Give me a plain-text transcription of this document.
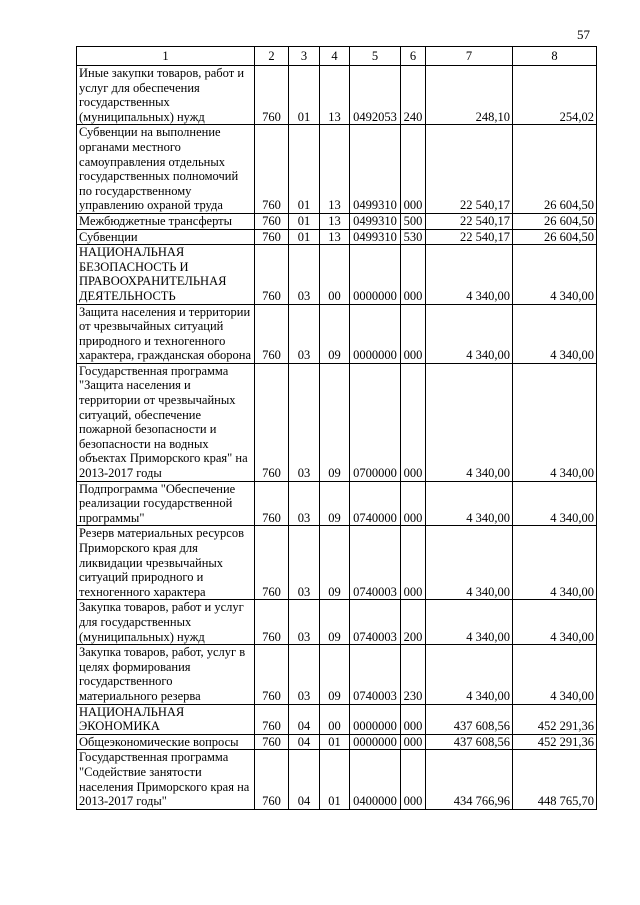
57
1	2	3	4	5	6	7	8
Иные закупки товаров, работ и услуг для обеспечения государственных (муниципальных) нужд	760	01	13	0492053	240	248,10	254,02
Субвенции на выполнение органами местного самоуправления отдельных государственных полномочий по государственному управлению охраной труда	760	01	13	0499310	000	22 540,17	26 604,50
Межбюджетные трансферты	760	01	13	0499310	500	22 540,17	26 604,50
Субвенции	760	01	13	0499310	530	22 540,17	26 604,50
НАЦИОНАЛЬНАЯ БЕЗОПАСНОСТЬ И ПРАВООХРАНИТЕЛЬНАЯ ДЕЯТЕЛЬНОСТЬ	760	03	00	0000000	000	4 340,00	4 340,00
Защита населения и территории от чрезвычайных ситуаций природного и техногенного характера, гражданская оборона	760	03	09	0000000	000	4 340,00	4 340,00
Государственная программа "Защита населения и территории от чрезвычайных ситуаций, обеспечение пожарной безопасности и безопасности на водных объектах Приморского края" на 2013-2017 годы	760	03	09	0700000	000	4 340,00	4 340,00
Подпрограмма "Обеспечение реализации государственной программы"	760	03	09	0740000	000	4 340,00	4 340,00
Резерв материальных ресурсов Приморского края для ликвидации чрезвычайных ситуаций природного и техногенного характера	760	03	09	0740003	000	4 340,00	4 340,00
Закупка товаров, работ и услуг для государственных (муниципальных) нужд	760	03	09	0740003	200	4 340,00	4 340,00
Закупка товаров, работ, услуг в целях формирования государственного материального резерва	760	03	09	0740003	230	4 340,00	4 340,00
НАЦИОНАЛЬНАЯ ЭКОНОМИКА	760	04	00	0000000	000	437 608,56	452 291,36
Общеэкономические вопросы	760	04	01	0000000	000	437 608,56	452 291,36
Государственная программа "Содействие занятости населения Приморского края на 2013-2017 годы"	760	04	01	0400000	000	434 766,96	448 765,70
